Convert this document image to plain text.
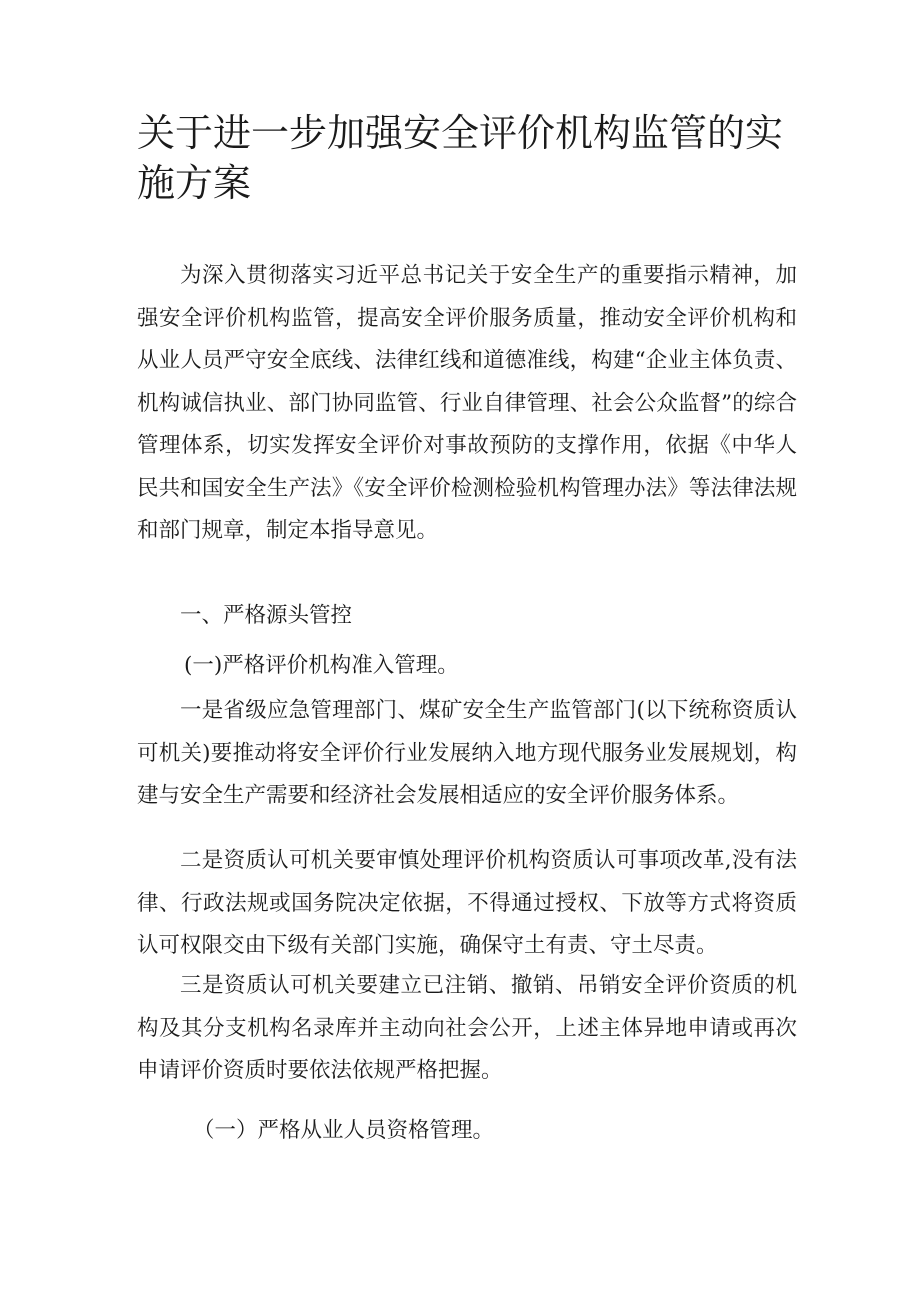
关于进一步加强安全评价机构监管的实施方案

为深入贯彻落实习近平总书记关于安全生产的重要指示精神，加强安全评价机构监管，提高安全评价服务质量，推动安全评价机构和从业人员严守安全底线、法律红线和道德准线，构建“企业主体负责、机构诚信执业、部门协同监管、行业自律管理、社会公众监督”的综合管理体系，切实发挥安全评价对事故预防的支撑作用，依据《中华人民共和国安全生产法》《安全评价检测检验机构管理办法》等法律法规和部门规章，制定本指导意见。

一、严格源头管控

(一)严格评价机构准入管理。

一是省级应急管理部门、煤矿安全生产监管部门(以下统称资质认可机关)要推动将安全评价行业发展纳入地方现代服务业发展规划，构建与安全生产需要和经济社会发展相适应的安全评价服务体系。

二是资质认可机关要审慎处理评价机构资质认可事项改革,没有法律、行政法规或国务院决定依据，不得通过授权、下放等方式将资质认可权限交由下级有关部门实施，确保守土有责、守土尽责。

三是资质认可机关要建立已注销、撤销、吊销安全评价资质的机构及其分支机构名录库并主动向社会公开，上述主体异地申请或再次申请评价资质时要依法依规严格把握。

（一）严格从业人员资格管理。
